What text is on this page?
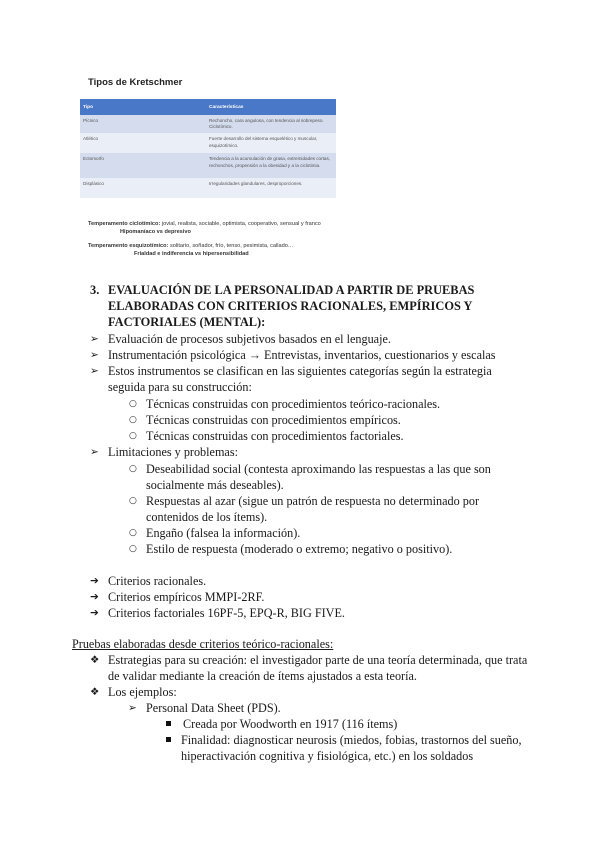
Tipos de Kretschmer
Tipo	Características
Pícnico	Rechoncho, cara angulosa, con tendencia al sobrepeso. Ciclotímico.
Atlético	Fuerte desarrollo del sistema esquelético y muscular, esquizotímico.
Ectomorfo	Tendencia a la acumulación de grasa, extremidades cortas, rechonchos, propensión a la obesidad y a la ciclotimia.
Displásico	Irregularidades glandulares, desproporciones.
Temperamento ciclotímico: jovial, realista, sociable, optimista, cooperativo, sensual y franco
Hipomaníaco vs depresivo
Temperamento esquizotímico: solitario, soñador, frío, tenso, pesimista, callado…
Frialdad e indiferencia vs hipersensibilidad
3. EVALUACIÓN DE LA PERSONALIDAD A PARTIR DE PRUEBAS
ELABORADAS CON CRITERIOS RACIONALES, EMPÍRICOS Y
FACTORIALES (MENTAL):
➢ Evaluación de procesos subjetivos basados en el lenguaje.
➢ Instrumentación psicológica → Entrevistas, inventarios, cuestionarios y escalas
➢ Estos instrumentos se clasifican en las siguientes categorías según la estrategia
seguida para su construcción:
○ Técnicas construidas con procedimientos teórico-racionales.
○ Técnicas construidas con procedimientos empíricos.
○ Técnicas construidas con procedimientos factoriales.
➢ Limitaciones y problemas:
○ Deseabilidad social (contesta aproximando las respuestas a las que son
socialmente más deseables).
○ Respuestas al azar (sigue un patrón de respuesta no determinado por
contenidos de los ítems).
○ Engaño (falsea la información).
○ Estilo de respuesta (moderado o extremo; negativo o positivo).
➔ Criterios racionales.
➔ Criterios empíricos MMPI-2RF.
➔ Criterios factoriales 16PF-5, EPQ-R, BIG FIVE.
Pruebas elaboradas desde criterios teórico-racionales:
❖ Estrategias para su creación: el investigador parte de una teoría determinada, que trata
de validar mediante la creación de ítems ajustados a esta teoría.
❖ Los ejemplos:
➢ Personal Data Sheet (PDS).
Creada por Woodworth en 1917 (116 ítems)
Finalidad: diagnosticar neurosis (miedos, fobias, trastornos del sueño,
hiperactivación cognitiva y fisiológica, etc.) en los soldados
